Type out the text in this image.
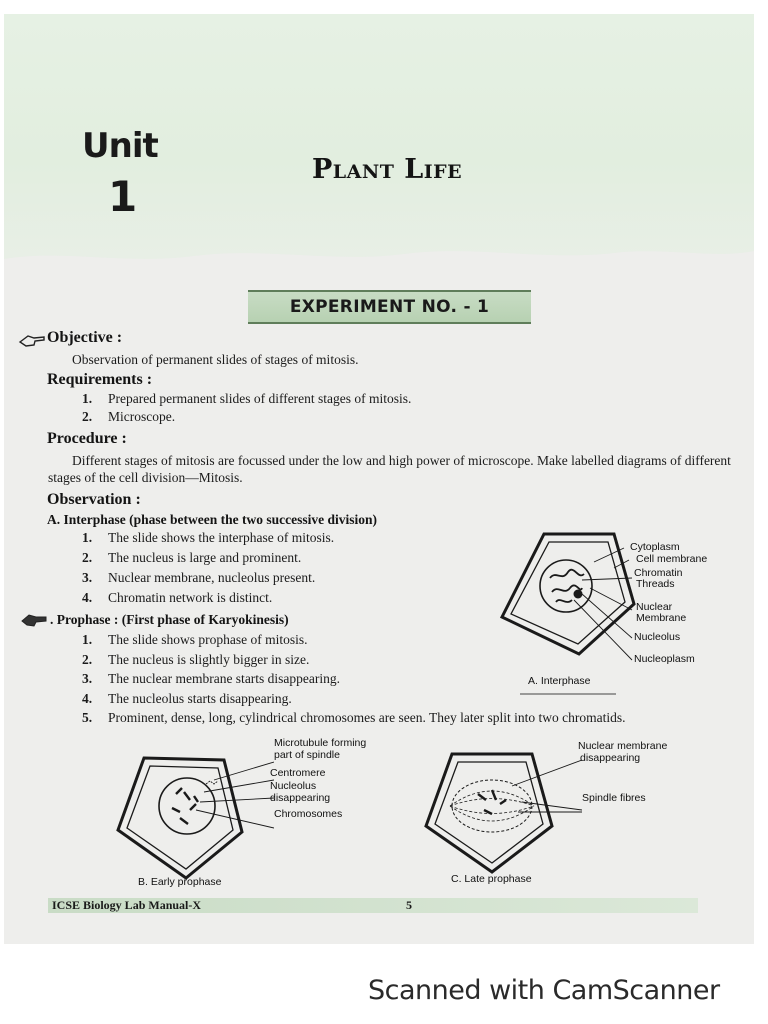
Unit
1
Plant Life
EXPERIMENT NO. - 1
Objective :
Observation of permanent slides of stages of mitosis.
Requirements :
1. Prepared permanent slides of different stages of mitosis.
2. Microscope.
Procedure :
Different stages of mitosis are focussed under the low and high power of microscope. Make labelled diagrams of different stages of the cell division—Mitosis.
Observation :
A. Interphase (phase between the two successive division)
1. The slide shows the interphase of mitosis.
2. The nucleus is large and prominent.
3. Nuclear membrane, nucleolus present.
4. Chromatin network is distinct.
. Prophase : (First phase of Karyokinesis)
1. The slide shows prophase of mitosis.
2. The nucleus is slightly bigger in size.
3. The nuclear membrane starts disappearing.
4. The nucleolus starts disappearing.
5. Prominent, dense, long, cylindrical chromosomes are seen. They later split into two chromatids.
Cytoplasm
Cell membrane
Chromatin
Threads
Nuclear
Membrane
Nucleolus
Nucleoplasm
A. Interphase
Microtubule forming
part of spindle
Centromere
Nucleolus
disappearing
Chromosomes
B. Early prophase
Nuclear membrane
disappearing
Spindle fibres
C. Late prophase
ICSE Biology Lab Manual-X	5
Scanned with CamScanner
